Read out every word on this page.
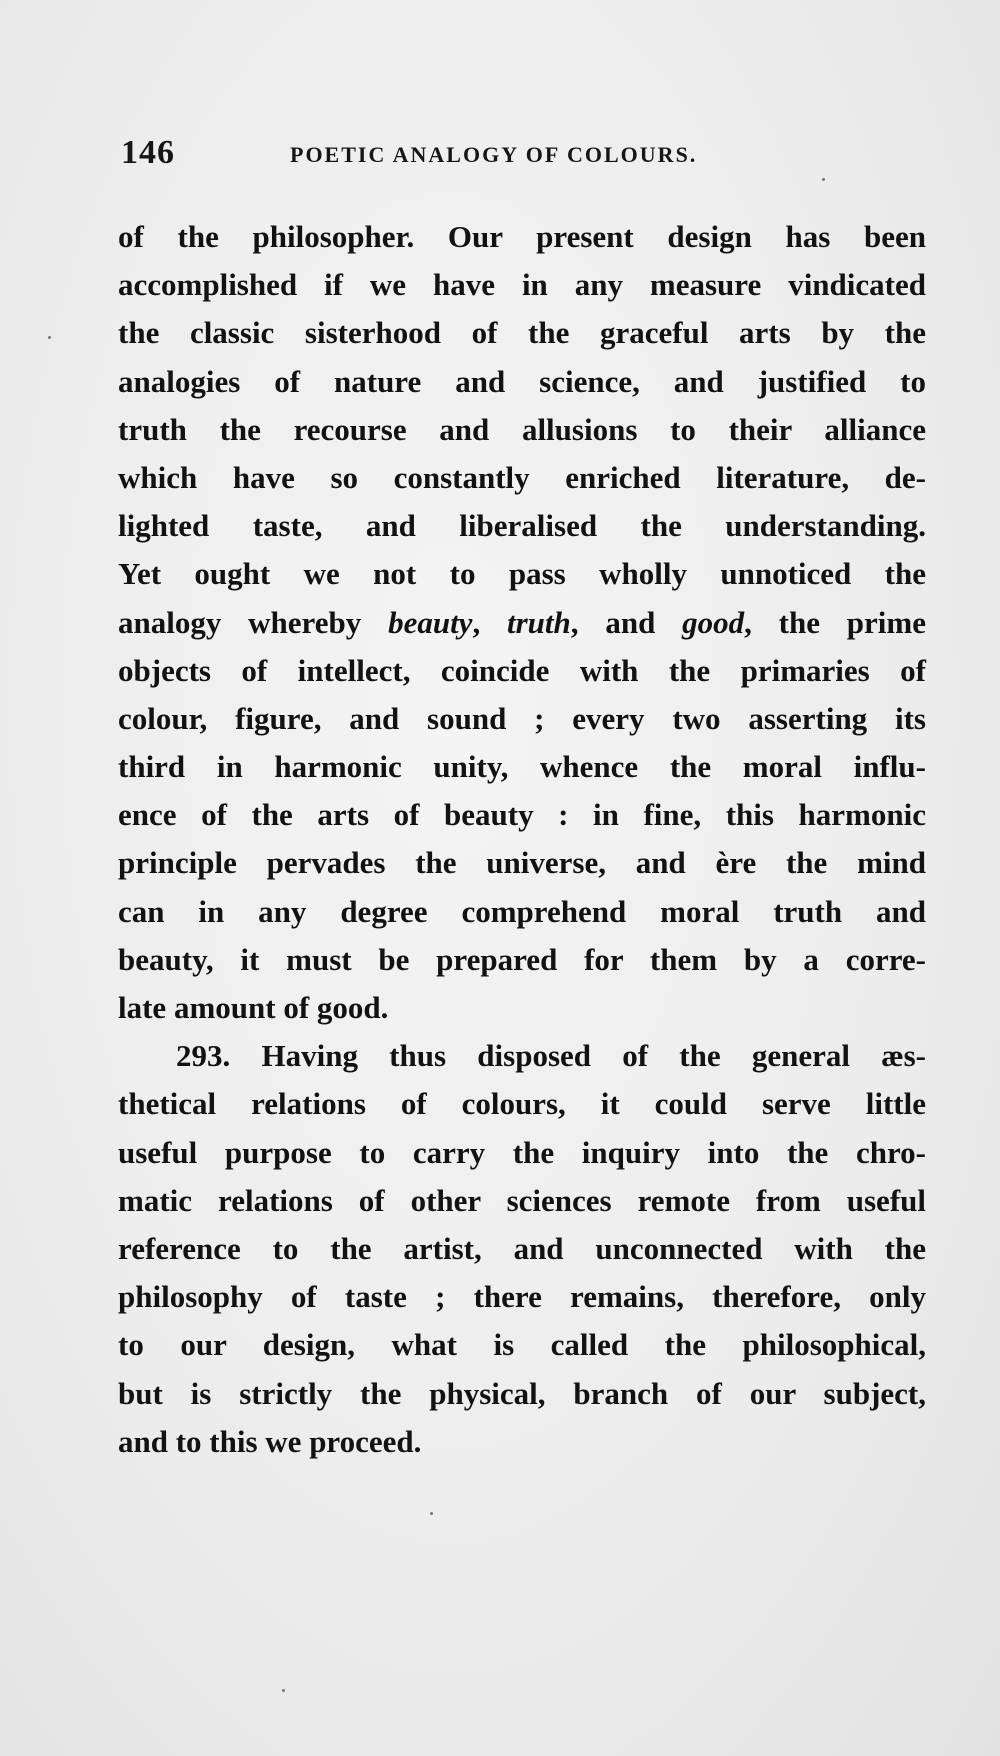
146	POETIC ANALOGY OF COLOURS.
of the philosopher. Our present design has been
accomplished if we have in any measure vindicated
the classic sisterhood of the graceful arts by the
analogies of nature and science, and justified to
truth the recourse and allusions to their alliance
which have so constantly enriched literature, de-
lighted taste, and liberalised the understanding.
Yet ought we not to pass wholly unnoticed the
analogy whereby beauty, truth, and good, the prime
objects of intellect, coincide with the primaries of
colour, figure, and sound ; every two asserting its
third in harmonic unity, whence the moral influ-
ence of the arts of beauty : in fine, this harmonic
principle pervades the universe, and ère the mind
can in any degree comprehend moral truth and
beauty, it must be prepared for them by a corre-
late amount of good.
293. Having thus disposed of the general æs-
thetical relations of colours, it could serve little
useful purpose to carry the inquiry into the chro-
matic relations of other sciences remote from useful
reference to the artist, and unconnected with the
philosophy of taste ; there remains, therefore, only
to our design, what is called the philosophical,
but is strictly the physical, branch of our subject,
and to this we proceed.
